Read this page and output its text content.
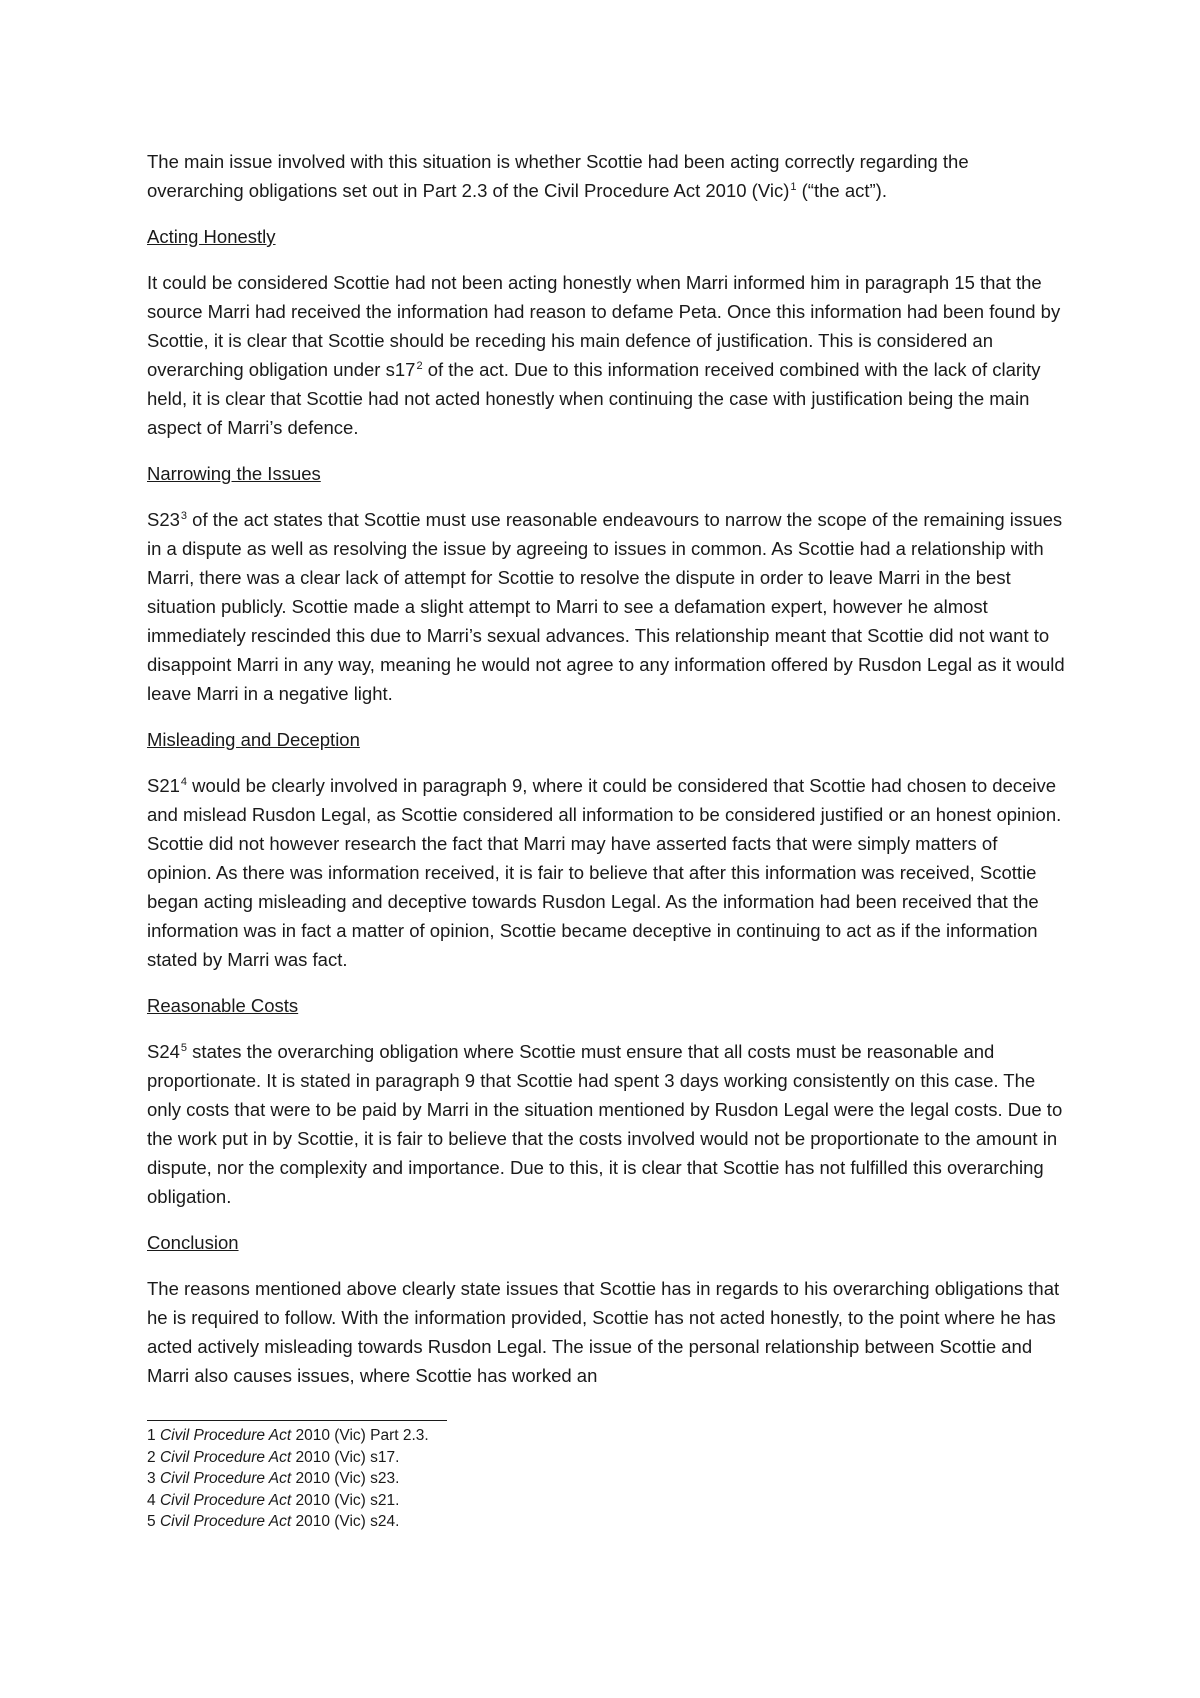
The main issue involved with this situation is whether Scottie had been acting correctly regarding the overarching obligations set out in Part 2.3 of the Civil Procedure Act 2010 (Vic)$^1$ (“the act”).

Acting Honestly

It could be considered Scottie had not been acting honestly when Marri informed him in paragraph 15 that the source Marri had received the information had reason to defame Peta. Once this information had been found by Scottie, it is clear that Scottie should be receding his main defence of justification. This is considered an overarching obligation under $s17^2$ of the act. Due to this information received combined with the lack of clarity held, it is clear that Scottie had not acted honestly when continuing the case with justification being the main aspect of Marri’s defence.

Narrowing the Issues

$S23^3$ of the act states that Scottie must use reasonable endeavours to narrow the scope of the remaining issues in a dispute as well as resolving the issue by agreeing to issues in common. As Scottie had a relationship with Marri, there was a clear lack of attempt for Scottie to resolve the dispute in order to leave Marri in the best situation publicly. Scottie made a slight attempt to Marri to see a defamation expert, however he almost immediately rescinded this due to Marri’s sexual advances. This relationship meant that Scottie did not want to disappoint Marri in any way, meaning he would not agree to any information offered by Rusdon Legal as it would leave Marri in a negative light.

Misleading and Deception

$S21^4$ would be clearly involved in paragraph 9, where it could be considered that Scottie had chosen to deceive and mislead Rusdon Legal, as Scottie considered all information to be considered justified or an honest opinion. Scottie did not however research the fact that Marri may have asserted facts that were simply matters of opinion. As there was information received, it is fair to believe that after this information was received, Scottie began acting misleading and deceptive towards Rusdon Legal. As the information had been received that the information was in fact a matter of opinion, Scottie became deceptive in continuing to act as if the information stated by Marri was fact.

Reasonable Costs

$S24^5$ states the overarching obligation where Scottie must ensure that all costs must be reasonable and proportionate. It is stated in paragraph 9 that Scottie had spent 3 days working consistently on this case. The only costs that were to be paid by Marri in the situation mentioned by Rusdon Legal were the legal costs. Due to the work put in by Scottie, it is fair to believe that the costs involved would not be proportionate to the amount in dispute, nor the complexity and importance. Due to this, it is clear that Scottie has not fulfilled this overarching obligation.

Conclusion

The reasons mentioned above clearly state issues that Scottie has in regards to his overarching obligations that he is required to follow. With the information provided, Scottie has not acted honestly, to the point where he has acted actively misleading towards Rusdon Legal. The issue of the personal relationship between Scottie and Marri also causes issues, where Scottie has worked an

1 Civil Procedure Act 2010 (Vic) Part 2.3.

2 Civil Procedure Act 2010 (Vic) s17.

3 Civil Procedure Act 2010 (Vic) s23.

4 Civil Procedure Act 2010 (Vic) s21.

5 Civil Procedure Act 2010 (Vic) s24.
